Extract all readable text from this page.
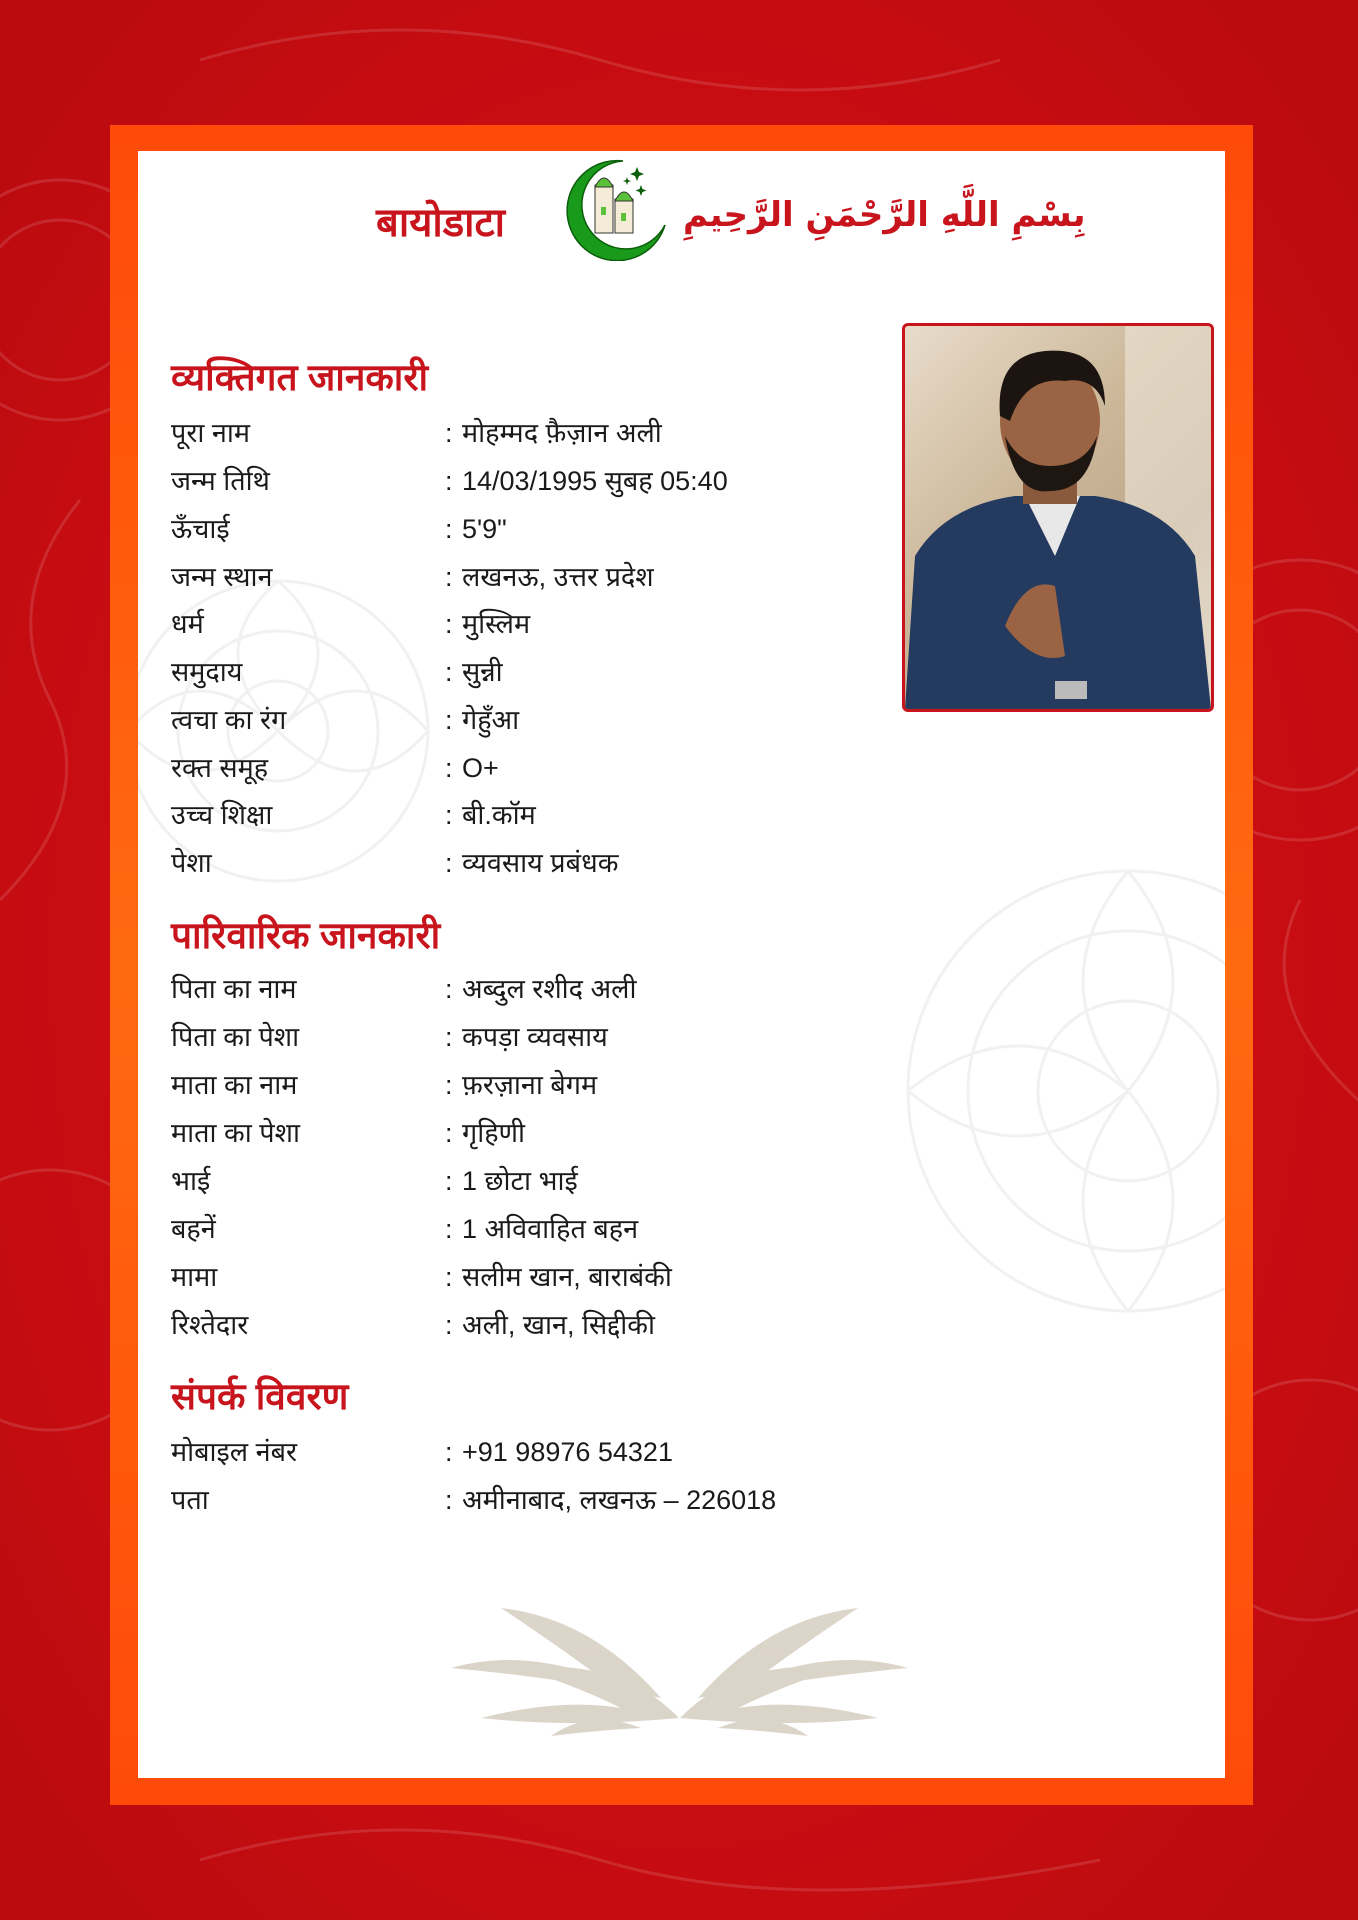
बायोडाटा	بِسْمِ اللَّهِ الرَّحْمَنِ الرَّحِيمِ
व्यक्तिगत जानकारी
पूरा नाम	: मोहम्मद फ़ैज़ान अली
जन्म तिथि	: 14/03/1995 सुबह 05:40
ऊँचाई	: 5'9"
जन्म स्थान	: लखनऊ, उत्तर प्रदेश
धर्म	: मुस्लिम
समुदाय	: सुन्नी
त्वचा का रंग	: गेहुँआ
रक्त समूह	: O+
उच्च शिक्षा	: बी.कॉम
पेशा	: व्यवसाय प्रबंधक
पारिवारिक जानकारी
पिता का नाम	: अब्दुल रशीद अली
पिता का पेशा	: कपड़ा व्यवसाय
माता का नाम	: फ़रज़ाना बेगम
माता का पेशा	: गृहिणी
भाई	: 1 छोटा भाई
बहनें	: 1 अविवाहित बहन
मामा	: सलीम खान, बाराबंकी
रिश्तेदार	: अली, खान, सिद्दीकी
संपर्क विवरण
मोबाइल नंबर	: +91 98976 54321
पता	: अमीनाबाद, लखनऊ – 226018
